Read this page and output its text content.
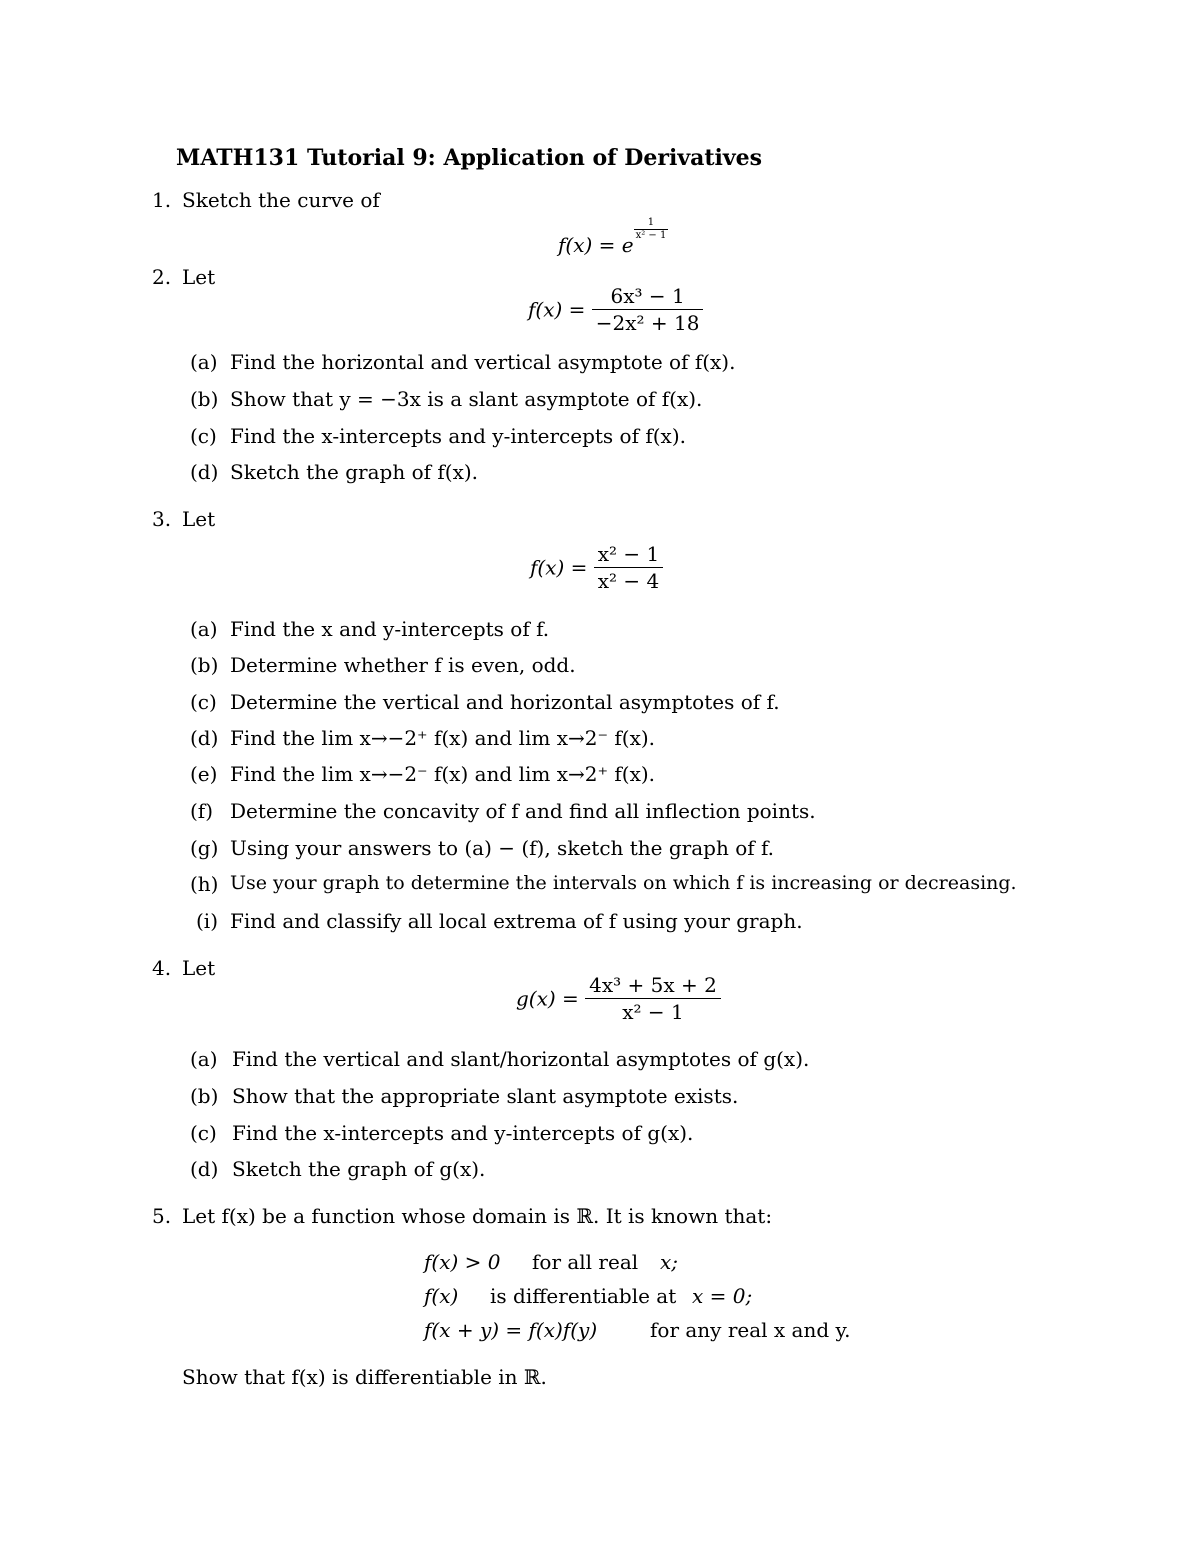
MATH131 Tutorial 9: Application of Derivatives
1. Sketch the curve of
f(x) = e
$\frac{1}{\text{x² − 1}}$
2. Let
$f(x) = \frac{\text{6x³ − 1}}{\text{−2x² + 18}}$
(a) Find the horizontal and vertical asymptote of f(x).
(b) Show that y = −3x is a slant asymptote of f(x).
(c) Find the x-intercepts and y-intercepts of f(x).
(d) Sketch the graph of f(x).
3. Let
$f(x) = \frac{\text{x² − 1}}{\text{x² − 4}}$
(a) Find the x and y-intercepts of f.
(b) Determine whether f is even, odd.
(c) Determine the vertical and horizontal asymptotes of f.
(d) Find the lim x→−2⁺ f(x) and lim x→2⁻ f(x).
(e) Find the lim x→−2⁻ f(x) and lim x→2⁺ f(x).
(f) Determine the concavity of f and find all inflection points.
(g) Using your answers to (a) − (f), sketch the graph of f.
(h) Use your graph to determine the intervals on which f is increasing or decreasing.
(i) Find and classify all local extrema of f using your graph.
4. Let
$g(x) = \frac{\text{4x³ + 5x + 2}}{\text{x² − 1}}$
(a) Find the vertical and slant/horizontal asymptotes of g(x).
(b) Show that the appropriate slant asymptote exists.
(c) Find the x-intercepts and y-intercepts of g(x).
(d) Sketch the graph of g(x).
5. Let f(x) be a function whose domain is ℝ. It is known that:
f(x) > 0 for all real x;
f(x) is differentiable at x = 0;
f(x + y) = f(x)f(y)	for any real x and y.
Show that f(x) is differentiable in ℝ.
